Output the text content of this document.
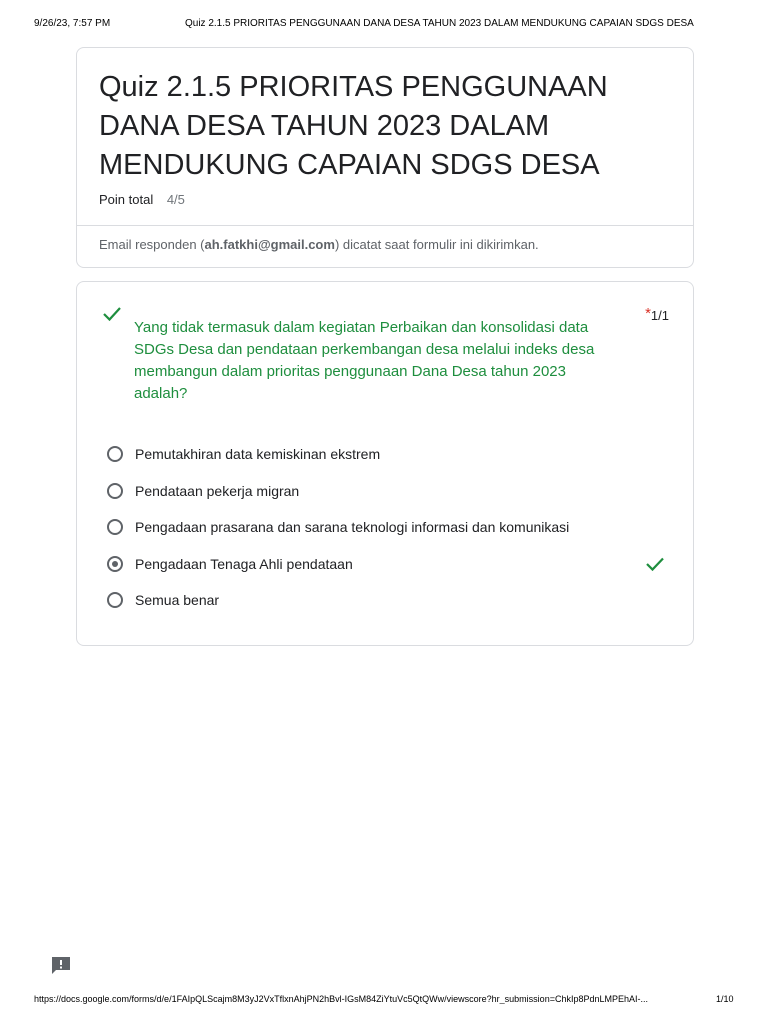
9/26/23, 7:57 PM	Quiz 2.1.5 PRIORITAS PENGGUNAAN DANA DESA TAHUN 2023 DALAM MENDUKUNG CAPAIAN SDGS DESA
Quiz 2.1.5 PRIORITAS PENGGUNAAN DANA DESA TAHUN 2023 DALAM MENDUKUNG CAPAIAN SDGS DESA
Poin total 4/5
Email responden (ah.fatkhi@gmail.com) dicatat saat formulir ini dikirimkan.
Yang tidak termasuk dalam kegiatan Perbaikan dan konsolidasi data SDGs Desa dan pendataan perkembangan desa melalui indeks desa membangun dalam prioritas penggunaan Dana Desa tahun 2023 adalah?
*1/1
Pemutakhiran data kemiskinan ekstrem
Pendataan pekerja migran
Pengadaan prasarana dan sarana teknologi informasi dan komunikasi
Pengadaan Tenaga Ahli pendataan
Semua benar
https://docs.google.com/forms/d/e/1FAIpQLScajm8M3yJ2VxTflxnAhjPN2hBvl-IGsM84ZiYtuVc5QtQWw/viewscore?hr_submission=ChkIp8PdnLMPEhAI-...	1/10
